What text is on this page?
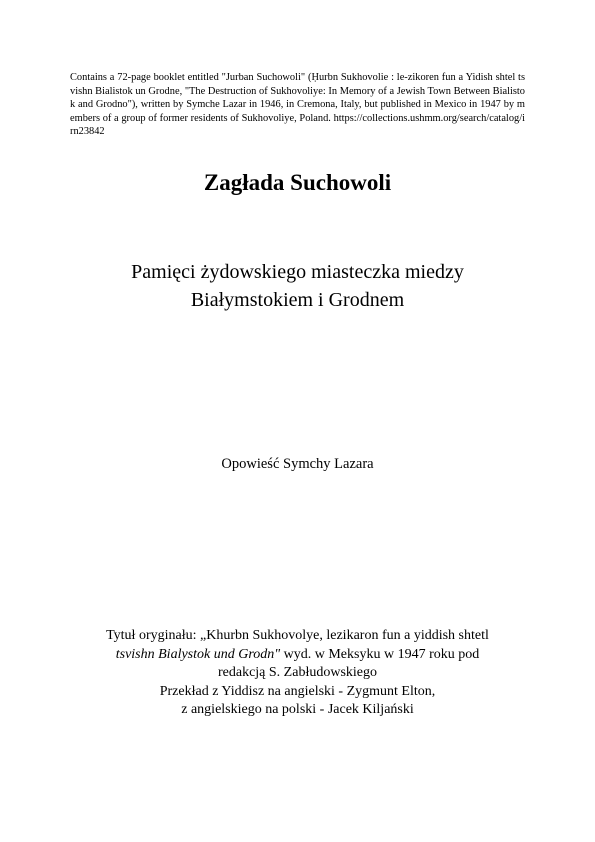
Contains a 72-page booklet entitled "Jurban Suchowoli" (Ḥurbn Sukhovolie : le-zikoren fun a Yidish shtel tsvishn Bialistok un Grodne, "The Destruction of Sukhovoliye: In Memory of a Jewish Town Between Bialistok and Grodno"), written by Symche Lazar in 1946, in Cremona, Italy, but published in Mexico in 1947 by members of a group of former residents of Sukhovoliye, Poland. https://collections.ushmm.org/search/catalog/irn23842

Zagłada Suchowoli
Pamięci żydowskiego miasteczka miedzy
Białymstokiem i Grodnem

Opowieść Symchy Lazara

Tytuł oryginału: „Khurbn Sukhovolye, lezikaron fun a yiddish shtetl
tsvishn Bialystok und Grodn" wyd. w Meksyku w 1947 roku pod
redakcją S. Zabłudowskiego
Przekład z Yiddisz na angielski - Zygmunt Elton,
z angielskiego na polski - Jacek Kiljański
